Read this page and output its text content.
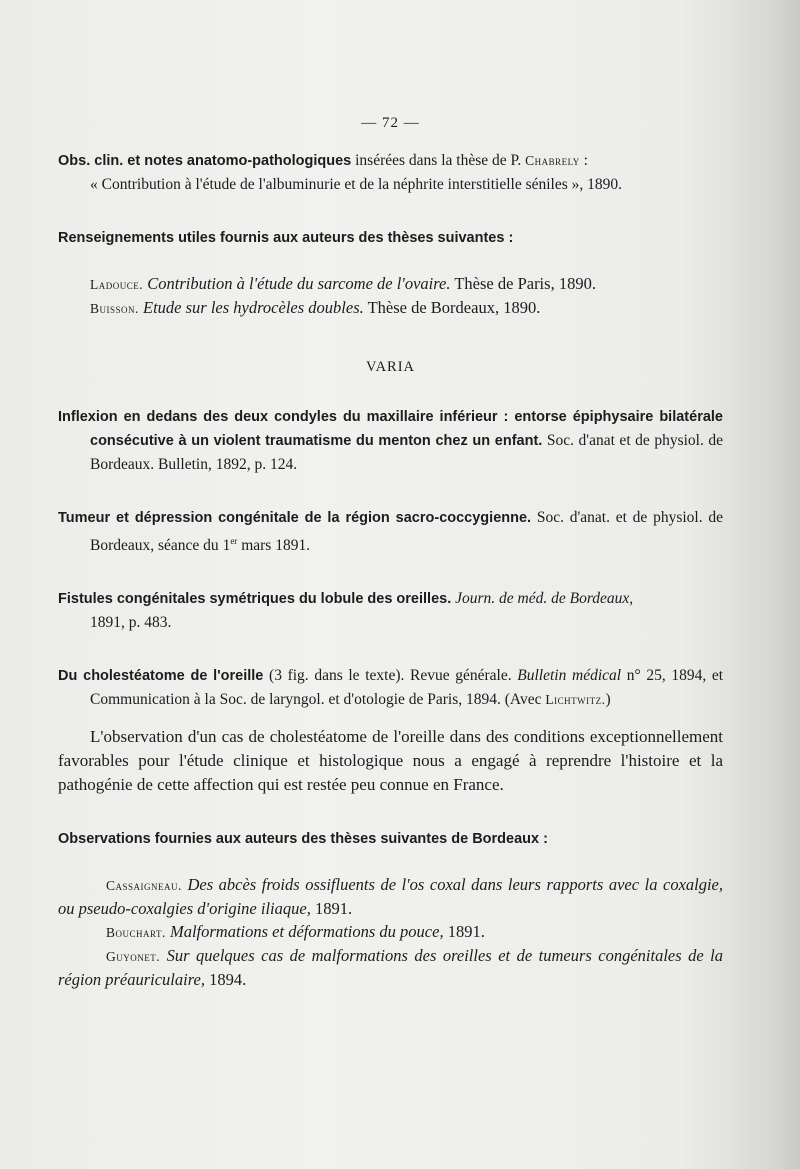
— 72 —

Obs. clin. et notes anatomo-pathologiques insérées dans la thèse de P. Chabrely :
« Contribution à l'étude de l'albuminurie et de la néphrite interstitielle séniles », 1890.

Renseignements utiles fournis aux auteurs des thèses suivantes :

Ladouce. Contribution à l'étude du sarcome de l'ovaire. Thèse de Paris, 1890.

Buisson. Etude sur les hydrocèles doubles. Thèse de Bordeaux, 1890.

VARIA

Inflexion en dedans des deux condyles du maxillaire inférieur : entorse épiphysaire bilatérale consécutive à un violent traumatisme du menton chez un enfant. Soc. d'anat et de physiol. de Bordeaux. Bulletin, 1892, p. 124.

Tumeur et dépression congénitale de la région sacro-coccygienne. Soc. d'anat. et de physiol. de Bordeaux, séance du 1er mars 1891.

Fistules congénitales symétriques du lobule des oreilles. Journ. de méd. de Bordeaux,
1891, p. 483.

Du cholestéatome de l'oreille (3 fig. dans le texte). Revue générale. Bulletin médical n° 25, 1894, et Communication à la Soc. de laryngol. et d'otologie de Paris, 1894. (Avec Lichtwitz.)

L'observation d'un cas de cholestéatome de l'oreille dans des conditions exceptionnellement favorables pour l'étude clinique et histologique nous a engagé à reprendre l'histoire et la pathogénie de cette affection qui est restée peu connue en France.

Observations fournies aux auteurs des thèses suivantes de Bordeaux :

Cassaigneau. Des abcès froids ossifluents de l'os coxal dans leurs rapports avec la coxalgie, ou pseudo-coxalgies d'origine iliaque, 1891.

Bouchart. Malformations et déformations du pouce, 1891.

Guyonet. Sur quelques cas de malformations des oreilles et de tumeurs congénitales de la région préauriculaire, 1894.
